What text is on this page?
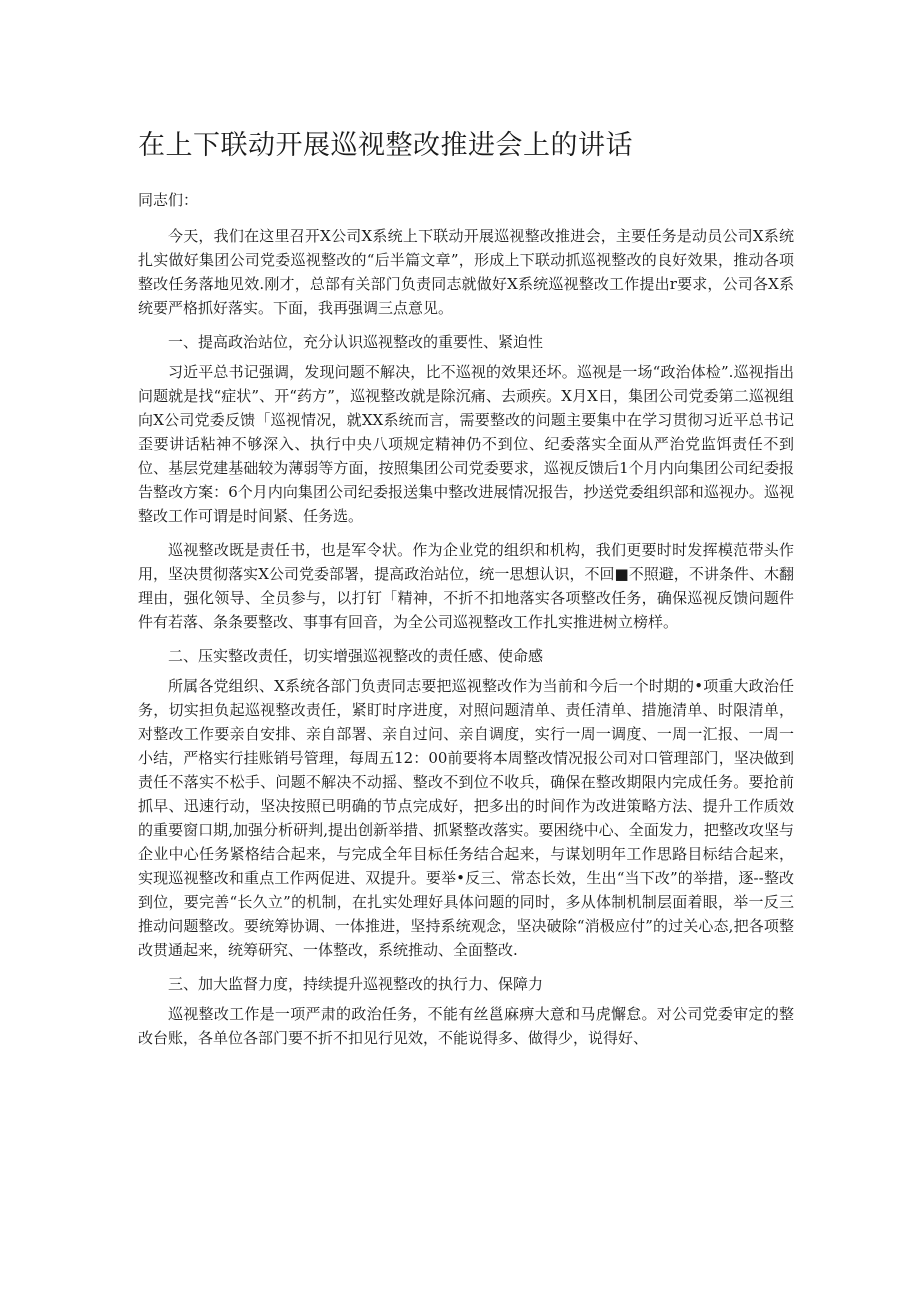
在上下联动开展巡视整改推进会上的讲话

同志们：

今天，我们在这里召开X公司X系统上下联动开展巡视整改推进会，主要任务是动员公司X系统扎实做好集团公司党委巡视整改的“后半篇文章”，形成上下联动抓巡视整改的良好效果，推动各项整改任务落地见效.刚才，总部有关部门负责同志就做好X系统巡视整改工作提出r要求，公司各X系统要严格抓好落实。下面，我再强调三点意见。

一、提高政治站位，充分认识巡视整改的重要性、紧迫性

习近平总书记强调，发现问题不解决，比不巡视的效果还坏。巡视是一场“政治体检”.巡视指出问题就是找“症状”、开“药方”，巡视整改就是除沉痛、去顽疾。X月X日，集团公司党委第二巡视组向X公司党委反馈「巡视情况，就XX系统而言，需要整改的问题主要集中在学习贯彻习近平总书记歪要讲话粘神不够深入、执行中央八项规定精神仍不到位、纪委落实全面从严治党监饵责任不到位、基层党建基础较为薄弱等方面，按照集团公司党委要求，巡视反馈后1个月内向集团公司纪委报告整改方案：6个月内向集团公司纪委报送集中整改进展情况报告，抄送党委组织部和巡视办。巡视整改工作可谓是时间紧、任务选。

巡视整改既是责任书，也是军令状。作为企业党的组织和机构，我们更要时时发挥模范带头作用，坚决贯彻落实X公司党委部署，提高政治站位，统一思想认识，不回■不照避，不讲条件、木翻理由，强化领导、全员参与，以打钉「精神，不折不扣地落实各项整改任务，确保巡视反馈问题件件有若落、条条要整改、事事有回音，为全公司巡视整改工作扎实推进树立榜样。

二、压实整改责任，切实增强巡视整改的责任感、使命感

所属各党组织、X系统各部门负责同志要把巡视整改作为当前和今后一个时期的•项重大政治任务，切实担负起巡视整改责任，紧盯时序进度，对照问题清单、责任清单、措施清单、时限清单，对整改工作要亲自安排、亲自部署、亲自过问、亲自调度，实行一周一调度、一周一汇报、一周一小结，严格实行挂账销号管理，每周五12：00前要将本周整改情况报公司对口管理部门，坚决做到责任不落实不松手、问题不解决不动摇、整改不到位不收兵，确保在整改期限内完成任务。要抢前抓早、迅速行动，坚决按照已明确的节点完成好，把多出的时间作为改进策略方法、提升工作质效的重要窗口期,加强分析研判,提出创新举措、抓紧整改落实。要困绕中心、全面发力，把整改攻坚与企业中心任务紧格结合起来，与完成全年目标任务结合起来，与谋划明年工作思路目标结合起来，实现巡视整改和重点工作两促进、双提升。要举•反三、常态长效，生出“当下改”的举措，逐--整改到位，要完善“长久立”的机制，在扎实处理好具体问题的同时，多从体制机制层面着眼，举一反三推动问题整改。要统筹协调、一体推进，坚持系统观念，坚决破除“消极应付”的过关心态,把各项整改贯通起来，统筹研究、一体整改，系统推动、全面整改.

三、加大监督力度，持续提升巡视整改的执行力、保障力

巡视整改工作是一项严肃的政治任务，不能有丝邕麻痹大意和马虎懈怠。对公司党委审定的整改台账，各单位各部门要不折不扣见行见效，不能说得多、做得少，说得好、
